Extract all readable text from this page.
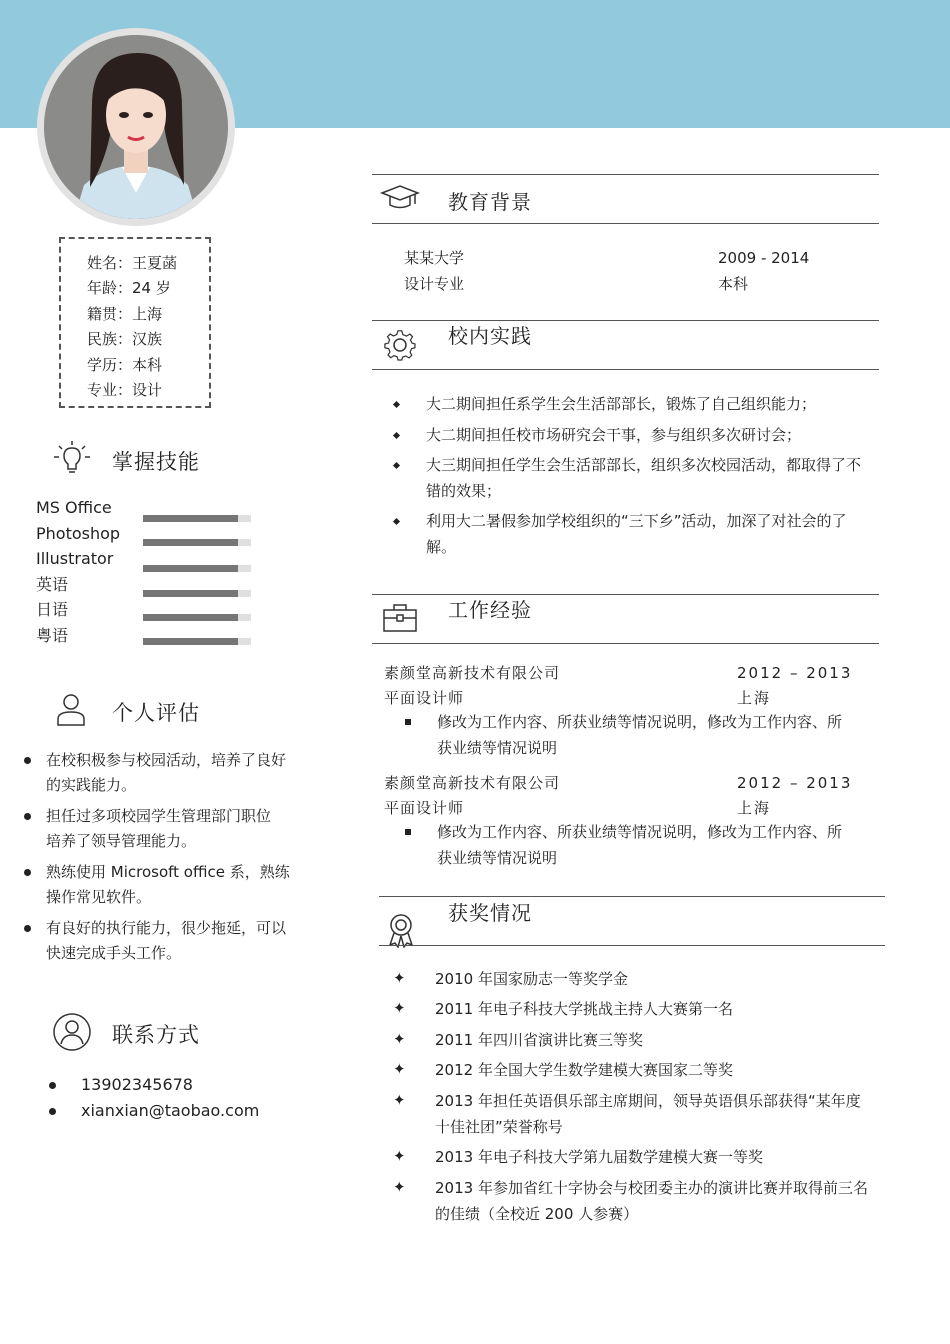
姓名：王夏菡
年龄：24 岁
籍贯：上海
民族：汉族
学历：本科
专业：设计
掌握技能
MS Office
Photoshop
Illustrator
英语
日语
粤语
个人评估
在校积极参与校园活动，培养了良好的实践能力。
担任过多项校园学生管理部门职位培养了领导管理能力。
熟练使用 Microsoft office 系，熟练操作常见软件。
有良好的执行能力，很少拖延，可以快速完成手头工作。
联系方式
13902345678
xianxian@taobao.com
教育背景
某某大学	2009 - 2014
设计专业	本科
校内实践
大二期间担任系学生会生活部部长，锻炼了自己组织能力；
大二期间担任校市场研究会干事，参与组织多次研讨会；
大三期间担任学生会生活部部长，组织多次校园活动，都取得了不错的效果；
利用大二暑假参加学校组织的“三下乡”活动，加深了对社会的了解。
工作经验
素颜堂高新技术有限公司	2012 – 2013
平面设计师	上海
修改为工作内容、所获业绩等情况说明，修改为工作内容、所获业绩等情况说明
素颜堂高新技术有限公司	2012 – 2013
平面设计师	上海
修改为工作内容、所获业绩等情况说明，修改为工作内容、所获业绩等情况说明
获奖情况
✦ 2010 年国家励志一等奖学金
✦ 2011 年电子科技大学挑战主持人大赛第一名
✦ 2011 年四川省演讲比赛三等奖
✦ 2012 年全国大学生数学建模大赛国家二等奖
✦ 2013 年担任英语俱乐部主席期间，领导英语俱乐部获得“某年度十佳社团”荣誉称号
✦ 2013 年电子科技大学第九届数学建模大赛一等奖
✦ 2013 年参加省红十字协会与校团委主办的演讲比赛并取得前三名的佳绩（全校近 200 人参赛）
